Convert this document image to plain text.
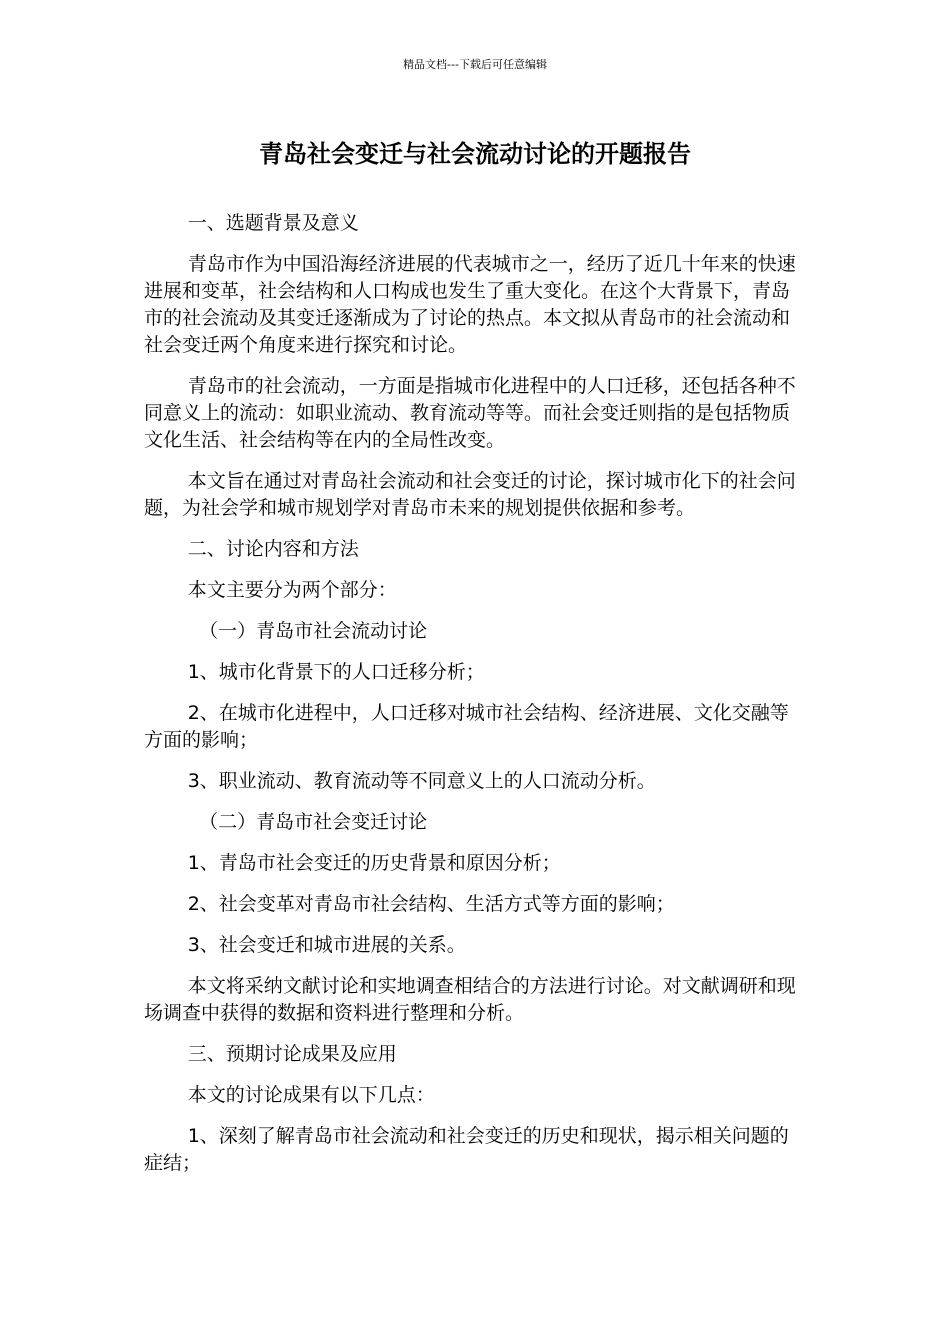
精品文档---下载后可任意编辑
青岛社会变迁与社会流动讨论的开题报告

一、选题背景及意义

青岛市作为中国沿海经济进展的代表城市之一，经历了近几十年来的快速进展和变革，社会结构和人口构成也发生了重大变化。在这个大背景下，青岛市的社会流动及其变迁逐渐成为了讨论的热点。本文拟从青岛市的社会流动和社会变迁两个角度来进行探究和讨论。

青岛市的社会流动，一方面是指城市化进程中的人口迁移，还包括各种不同意义上的流动：如职业流动、教育流动等等。而社会变迁则指的是包括物质文化生活、社会结构等在内的全局性改变。

本文旨在通过对青岛社会流动和社会变迁的讨论，探讨城市化下的社会问题，为社会学和城市规划学对青岛市未来的规划提供依据和参考。

二、讨论内容和方法

本文主要分为两个部分：

（一）青岛市社会流动讨论

1、城市化背景下的人口迁移分析；

2、在城市化进程中，人口迁移对城市社会结构、经济进展、文化交融等方面的影响；

3、职业流动、教育流动等不同意义上的人口流动分析。

（二）青岛市社会变迁讨论

1、青岛市社会变迁的历史背景和原因分析；

2、社会变革对青岛市社会结构、生活方式等方面的影响；

3、社会变迁和城市进展的关系。

本文将采纳文献讨论和实地调查相结合的方法进行讨论。对文献调研和现场调查中获得的数据和资料进行整理和分析。

三、预期讨论成果及应用

本文的讨论成果有以下几点：

1、深刻了解青岛市社会流动和社会变迁的历史和现状，揭示相关问题的症结；
